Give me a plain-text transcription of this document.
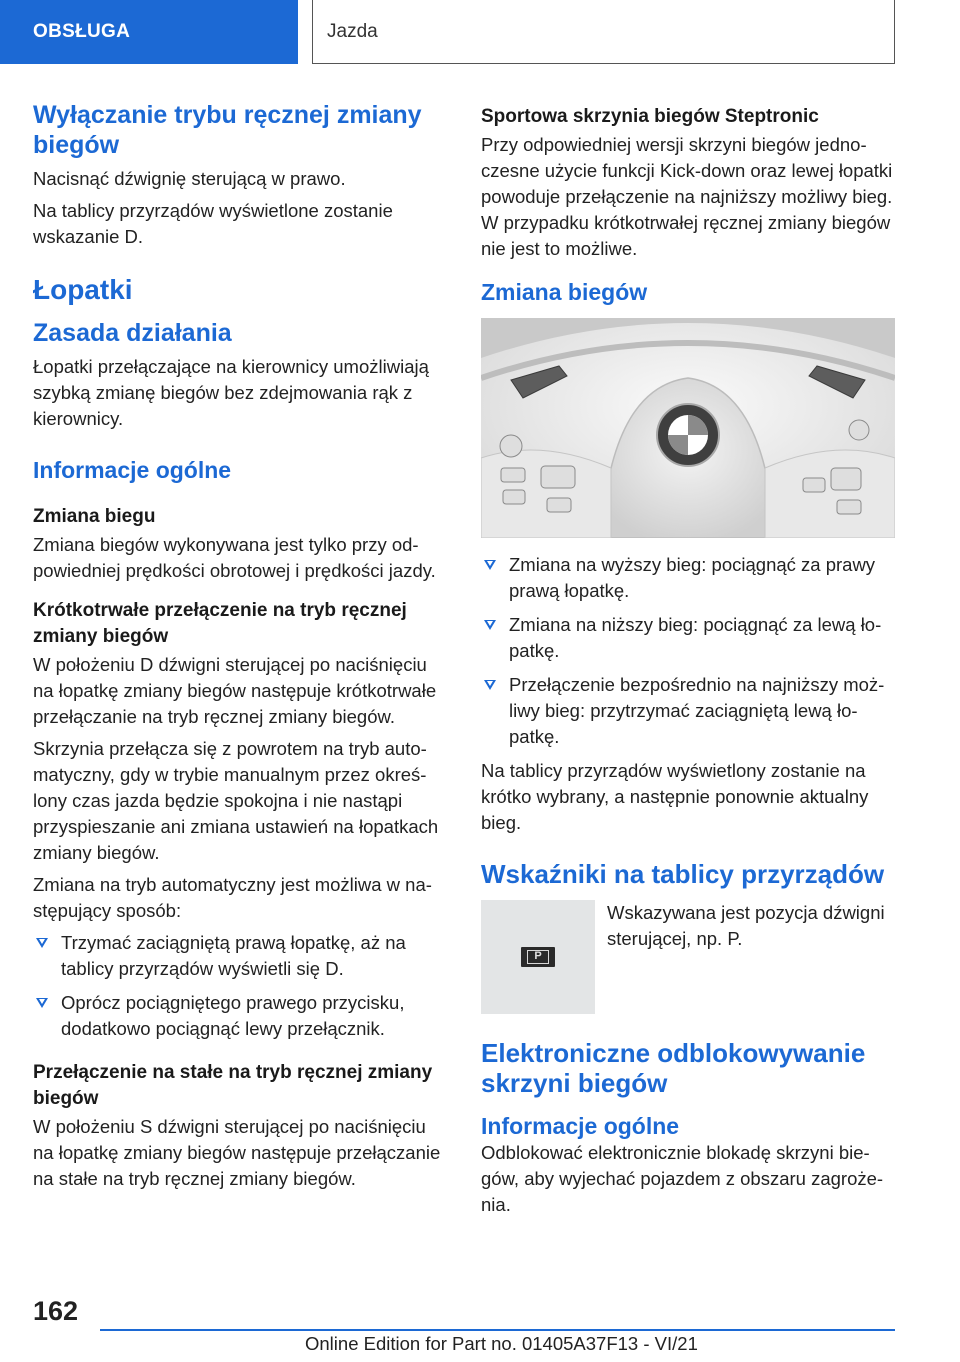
OBSŁUGA	Jazda
Wyłączanie trybu ręcznej zmiany biegów

Nacisnąć dźwignię sterującą w prawo.

Na tablicy przyrządów wyświetlone zostanie wskazanie D.

Łopatki
Zasada działania

Łopatki przełączające na kierownicy umożliwiają szybką zmianę biegów bez zdejmowania rąk z kierownicy.

Informacje ogólne
Zmiana biegu

Zmiana biegów wykonywana jest tylko przy odpowiedniej prędkości obrotowej i prędkości jazdy.

Krótkotrwałe przełączenie na tryb ręcznej zmiany biegów

W położeniu D dźwigni sterującej po naciśnięciu na łopatkę zmiany biegów następuje krótkotrwałe przełączanie na tryb ręcznej zmiany biegów.

Skrzynia przełącza się z powrotem na tryb automatyczny, gdy w trybie manualnym przez określony czas jazda będzie spokojna i nie nastąpi przyspieszanie ani zmiana ustawień na łopatkach zmiany biegów.

Zmiana na tryb automatyczny jest możliwa w następujący sposób:

Trzymać zaciągniętą prawą łopatkę, aż na tablicy przyrządów wyświetli się D.
Oprócz pociągniętego prawego przycisku, dodatkowo pociągnąć lewy przełącznik.
Przełączenie na stałe na tryb ręcznej zmiany biegów

W położeniu S dźwigni sterującej po naciśnięciu na łopatkę zmiany biegów następuje przełączanie na stałe na tryb ręcznej zmiany biegów.

Sportowa skrzynia biegów Steptronic

Przy odpowiedniej wersji skrzyni biegów jednoczesne użycie funkcji Kick-down oraz lewej łopatki powoduje przełączenie na najniższy możliwy bieg. W przypadku krótkotrwałej ręcznej zmiany biegów nie jest to możliwe.

Zmiana biegów
Zmiana na wyższy bieg: pociągnąć za prawy prawą łopatkę.
Zmiana na niższy bieg: pociągnąć za lewą łopatkę.
Przełączenie bezpośrednio na najniższy możliwy bieg: przytrzymać zaciągniętą lewą łopatkę.

Na tablicy przyrządów wyświetlony zostanie na krótko wybrany, a następnie ponownie aktualny bieg.

Wskaźniki na tablicy przyrządów
P
Wskazywana jest pozycja dźwigni sterującej, np. P.
Elektroniczne odblokowywanie skrzyni biegów
Informacje ogólne

Odblokować elektronicznie blokadę skrzyni biegów, aby wyjechać pojazdem z obszaru zagrożenia.

162
Online Edition for Part no. 01405A37F13 - VI/21
